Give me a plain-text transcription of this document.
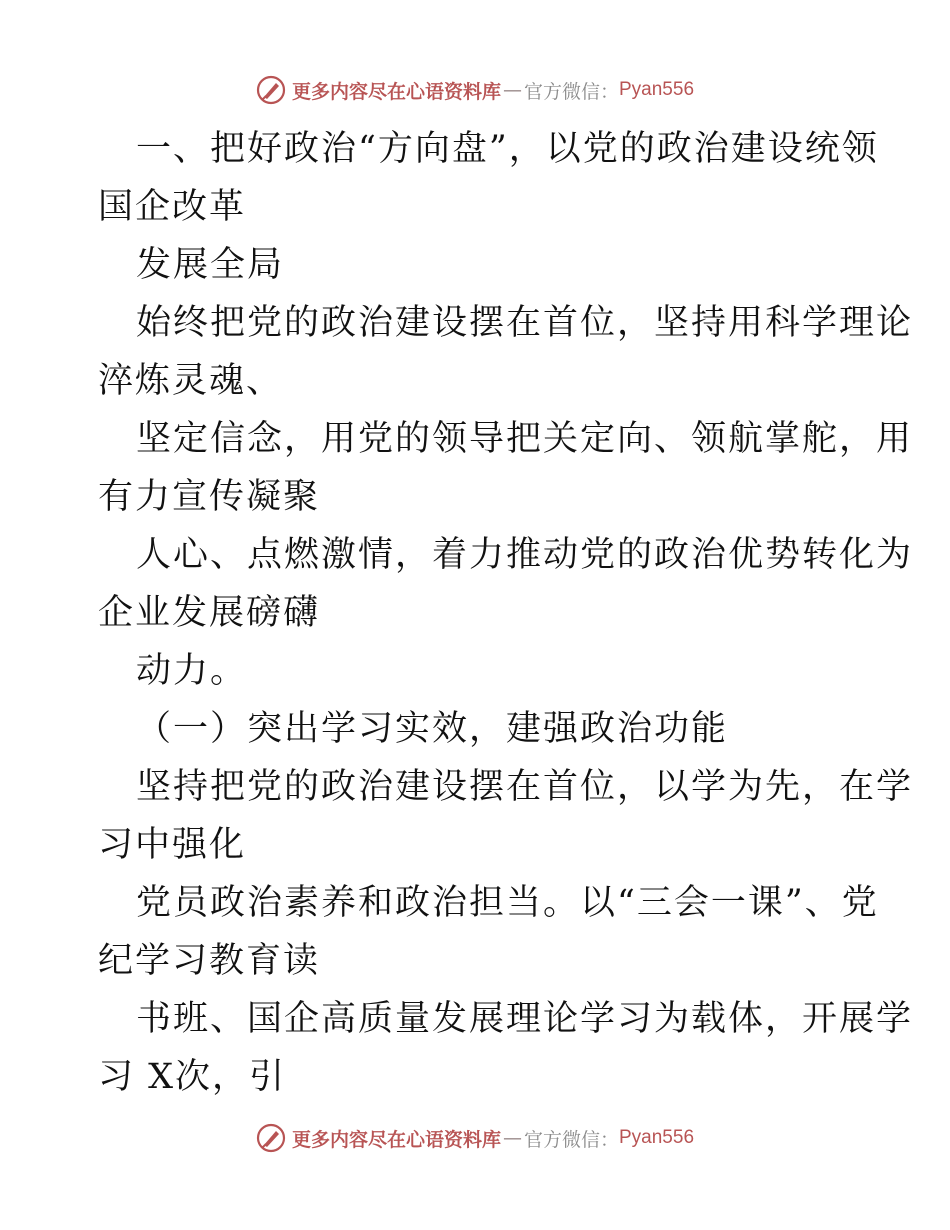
更多内容尽在心语资料库 — 官方微信： Pyan556
一、把好政治“方向盘”，以党的政治建设统领
国企改革
发展全局
始终把党的政治建设摆在首位，坚持用科学理论
淬炼灵魂、
坚定信念，用党的领导把关定向、领航掌舵，用
有力宣传凝聚
人心、点燃激情，着力推动党的政治优势转化为
企业发展磅礴
动力。
（一）突出学习实效，建强政治功能
坚持把党的政治建设摆在首位，以学为先，在学
习中强化
党员政治素养和政治担当。以“三会一课”、党
纪学习教育读
书班、国企高质量发展理论学习为载体，开展学
习 X次，引
更多内容尽在心语资料库 — 官方微信： Pyan556
